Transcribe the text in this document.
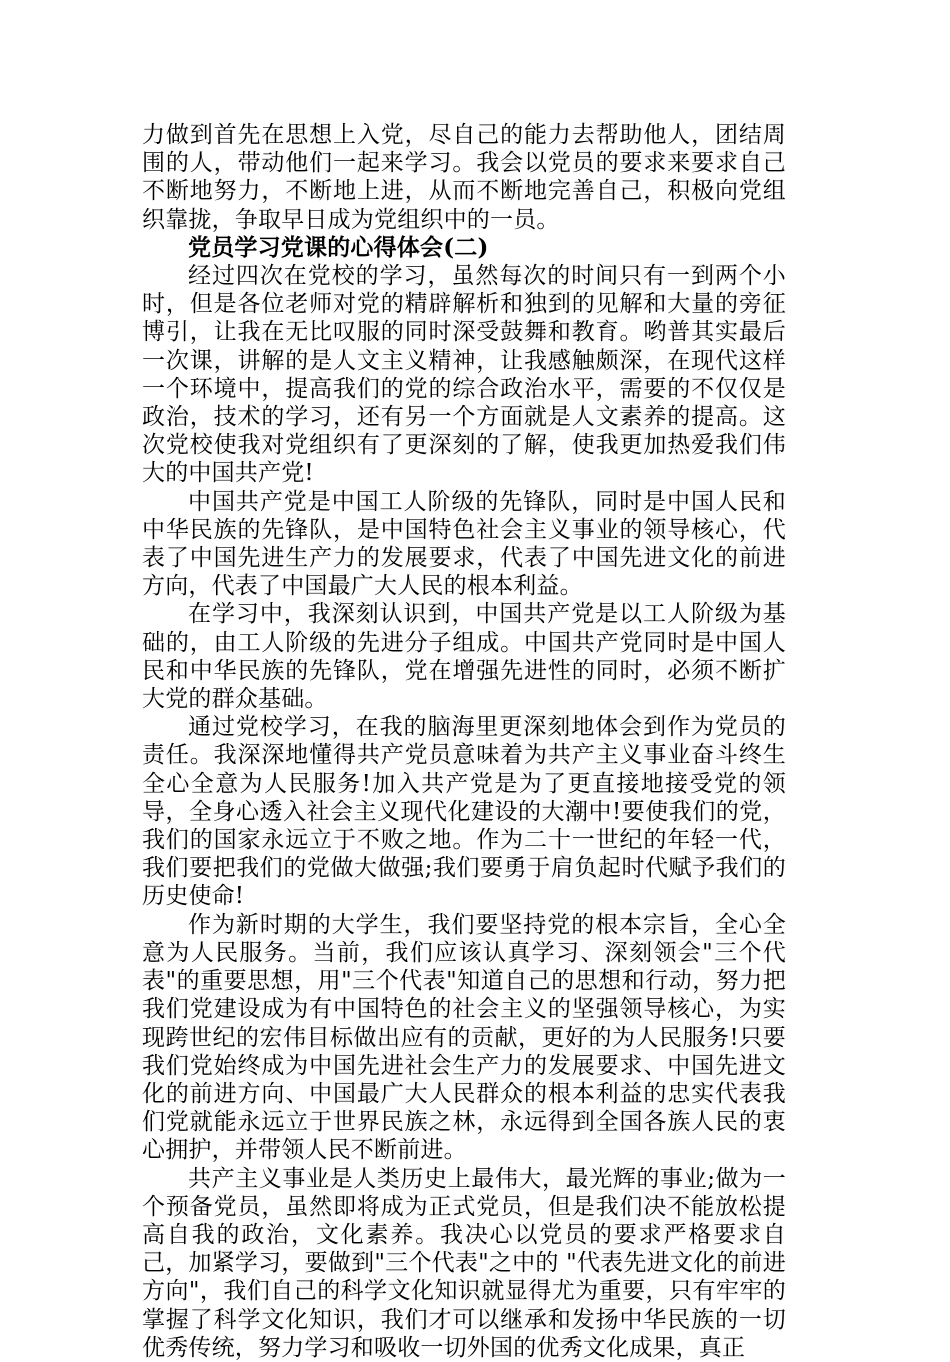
力做到首先在思想上入党，尽自己的能力去帮助他人，团结周围的人，带动他们一起来学习。我会以党员的要求来要求自己不断地努力，不断地上进，从而不断地完善自己，积极向党组织靠拢，争取早日成为党组织中的一员。

党员学习党课的心得体会(二)

经过四次在党校的学习，虽然每次的时间只有一到两个小时，但是各位老师对党的精辟解析和独到的见解和大量的旁征博引，让我在无比叹服的同时深受鼓舞和教育。哟普其实最后一次课，讲解的是人文主义精神，让我感触颇深，在现代这样一个环境中，提高我们的党的综合政治水平，需要的不仅仅是政治，技术的学习，还有另一个方面就是人文素养的提高。这次党校使我对党组织有了更深刻的了解，使我更加热爱我们伟大的中国共产党!

中国共产党是中国工人阶级的先锋队，同时是中国人民和中华民族的先锋队，是中国特色社会主义事业的领导核心，代表了中国先进生产力的发展要求，代表了中国先进文化的前进方向，代表了中国最广大人民的根本利益。

在学习中，我深刻认识到，中国共产党是以工人阶级为基础的，由工人阶级的先进分子组成。中国共产党同时是中国人民和中华民族的先锋队，党在增强先进性的同时，必须不断扩大党的群众基础。

通过党校学习，在我的脑海里更深刻地体会到作为党员的责任。我深深地懂得共产党员意味着为共产主义事业奋斗终生全心全意为人民服务!加入共产党是为了更直接地接受党的领导，全身心透入社会主义现代化建设的大潮中!要使我们的党，我们的国家永远立于不败之地。作为二十一世纪的年轻一代，我们要把我们的党做大做强;我们要勇于肩负起时代赋予我们的历史使命!

作为新时期的大学生，我们要坚持党的根本宗旨，全心全意为人民服务。当前，我们应该认真学习、深刻领会"三个代表"的重要思想，用"三个代表"知道自己的思想和行动，努力把我们党建设成为有中国特色的社会主义的坚强领导核心，为实现跨世纪的宏伟目标做出应有的贡献，更好的为人民服务!只要我们党始终成为中国先进社会生产力的发展要求、中国先进文化的前进方向、中国最广大人民群众的根本利益的忠实代表我们党就能永远立于世界民族之林，永远得到全国各族人民的衷心拥护，并带领人民不断前进。

共产主义事业是人类历史上最伟大，最光辉的事业;做为一个预备党员，虽然即将成为正式党员，但是我们决不能放松提高自我的政治，文化素养。我决心以党员的要求严格要求自己，加紧学习，要做到"三个代表"之中的 "代表先进文化的前进方向"，我们自己的科学文化知识就显得尤为重要，只有牢牢的掌握了科学文化知识，我们才可以继承和发扬中华民族的一切优秀传统，努力学习和吸收一切外国的优秀文化成果，真正
